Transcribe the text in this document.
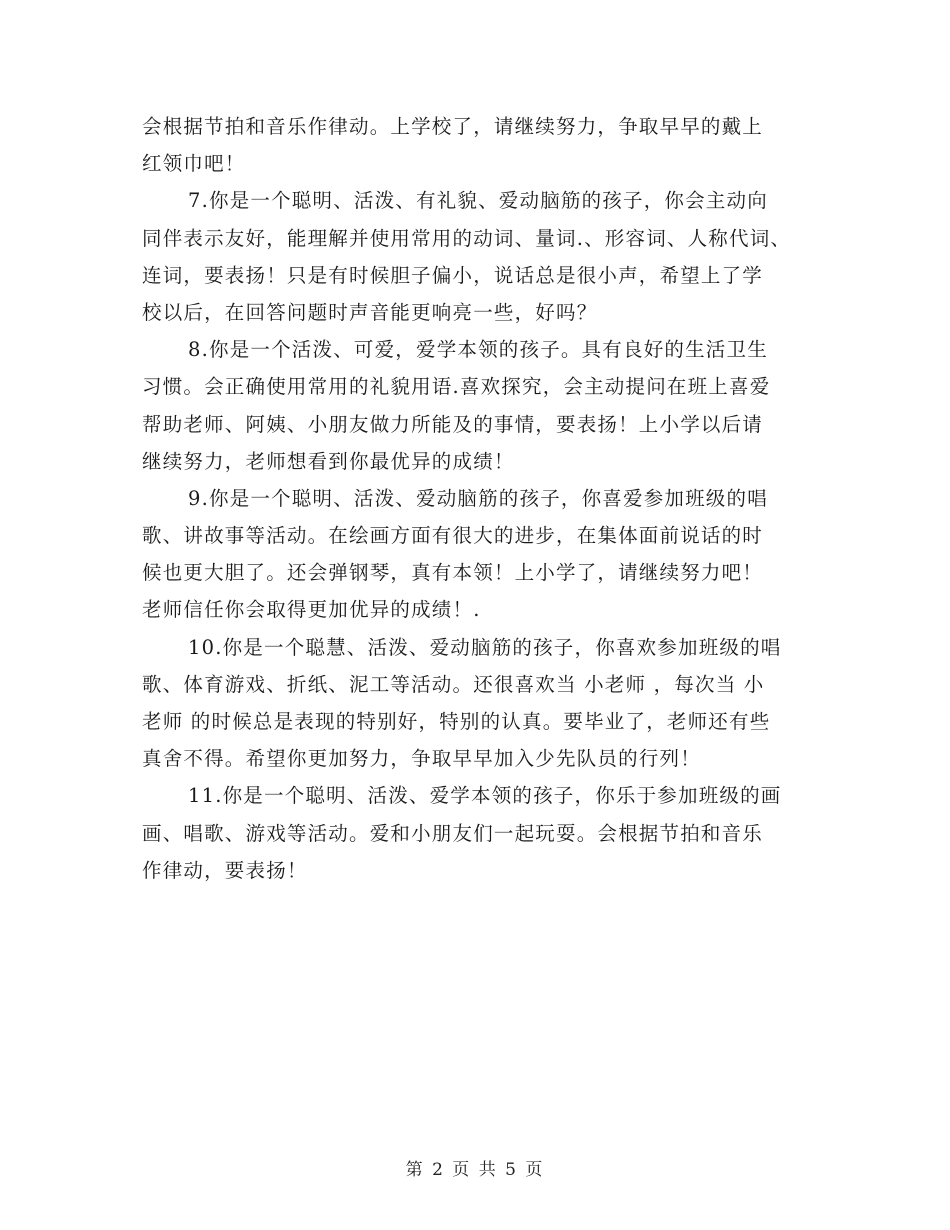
会根据节拍和音乐作律动。上学校了，请继续努力，争取早早的戴上
红领巾吧！
7.你是一个聪明、活泼、有礼貌、爱动脑筋的孩子，你会主动向
同伴表示友好，能理解并使用常用的动词、量词.、形容词、人称代词、
连词，要表扬！只是有时候胆子偏小，说话总是很小声，希望上了学
校以后，在回答问题时声音能更响亮一些，好吗？
8.你是一个活泼、可爱，爱学本领的孩子。具有良好的生活卫生
习惯。会正确使用常用的礼貌用语.喜欢探究，会主动提问在班上喜爱
帮助老师、阿姨、小朋友做力所能及的事情，要表扬！上小学以后请
继续努力，老师想看到你最优异的成绩！
9.你是一个聪明、活泼、爱动脑筋的孩子，你喜爱参加班级的唱
歌、讲故事等活动。在绘画方面有很大的进步，在集体面前说话的时
候也更大胆了。还会弹钢琴，真有本领！上小学了，请继续努力吧！
老师信任你会取得更加优异的成绩！.
10.你是一个聪慧、活泼、爱动脑筋的孩子，你喜欢参加班级的唱
歌、体育游戏、折纸、泥工等活动。还很喜欢当 小老师 ，每次当 小
老师 的时候总是表现的特别好，特别的认真。要毕业了，老师还有些
真舍不得。希望你更加努力，争取早早加入少先队员的行列！
11.你是一个聪明、活泼、爱学本领的孩子，你乐于参加班级的画
画、唱歌、游戏等活动。爱和小朋友们一起玩耍。会根据节拍和音乐
作律动，要表扬！
第 2 页 共 5 页
